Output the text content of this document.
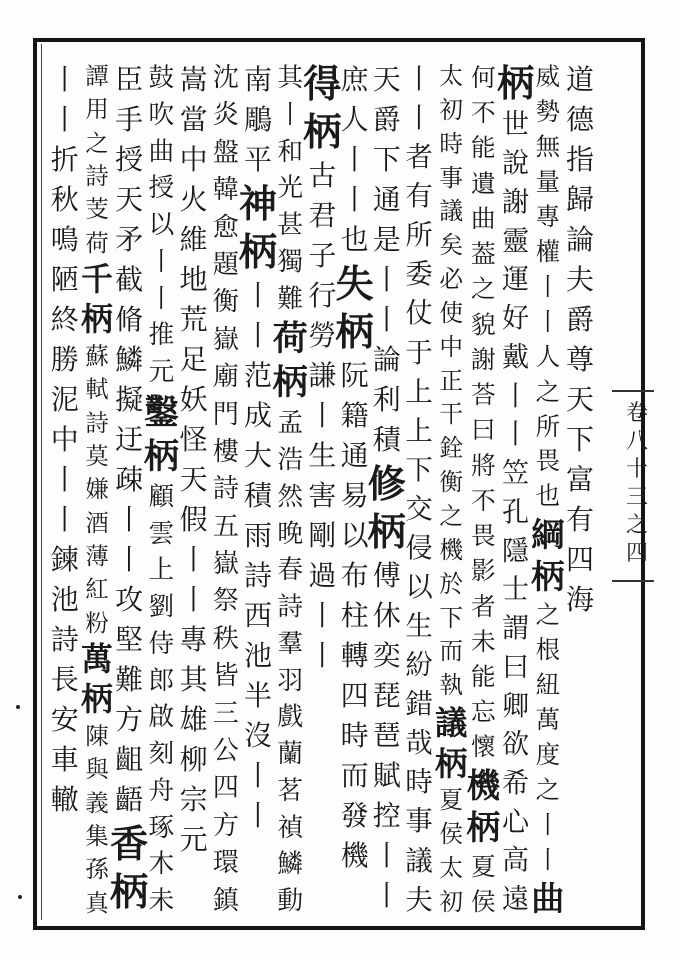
卷
八
十
三
之
四
道
德
指
歸
論
夫
爵
尊
天
下
富
有
四
海
威
勢
無
量
專
權
丨
丨
人
之
所
畏
也
綱
柄
之
根
紐
萬
度
之
丨
丨
曲
柄
世
說
謝
靈
運
好
戴
丨
丨
笠
孔
隱
士
謂
曰
卿
欲
希
心
高
遠
何
不
能
遺
曲
葢
之
貌
謝
荅
曰
將
不
畏
影
者
未
能
忘
懷
機
柄
夏
侯
太
初
時
事
議
矣
必
使
中
正
干
銓
衡
之
機
於
下
而
執
議
柄
夏
侯
太
初
丨
丨
者
有
所
委
仗
于
上
上
下
交
侵
以
生
紛
錯
哉
時
事
議
夫
天
爵
下
通
是
丨
丨
論
利
積
修
柄
傅
休
奕
琵
琶
賦
控
丨
丨
庶
人
丨
丨
也
失
柄
阮
籍
通
易
以
布
柱
轉
四
時
而
發
機
得
柄
古
君
子
行
勞
謙
丨
生
害
剛
過
丨
丨
其
丨
和
光
甚
獨
難
荷
柄
孟
浩
然
晚
春
詩
羣
羽
戲
蘭
茗
禎
鱗
動
南
鵰
平
神
柄
丨
丨
范
成
大
積
雨
詩
西
池
半
沒
丨
丨
沈
炎
盤
韓
愈
題
衡
嶽
廟
門
樓
詩
五
嶽
祭
秩
皆
三
公
四
方
環
鎮
嵩
當
中
火
維
地
荒
足
妖
怪
天
假
丨
丨
專
其
雄
柳
宗
元
鼓
吹
曲
授
以
丨
丨
推
元
鑿
柄
顧
雲
上
劉
侍
郎
啟
刻
舟
琢
木
未
臣
手
授
天
矛
截
脩
鱗
擬
迂
疎
丨
丨
攻
堅
難
方
齟
齬
香
柄
譚
用
之
詩
芰
荷
千
柄
蘇
軾
詩
莫
嫌
酒
薄
紅
粉
萬
柄
陳
與
義
集
孫
真
丨
丨
折
秋
鳴
陋
終
勝
泥
中
丨
丨
鍊
池
詩
長
安
車
轍
